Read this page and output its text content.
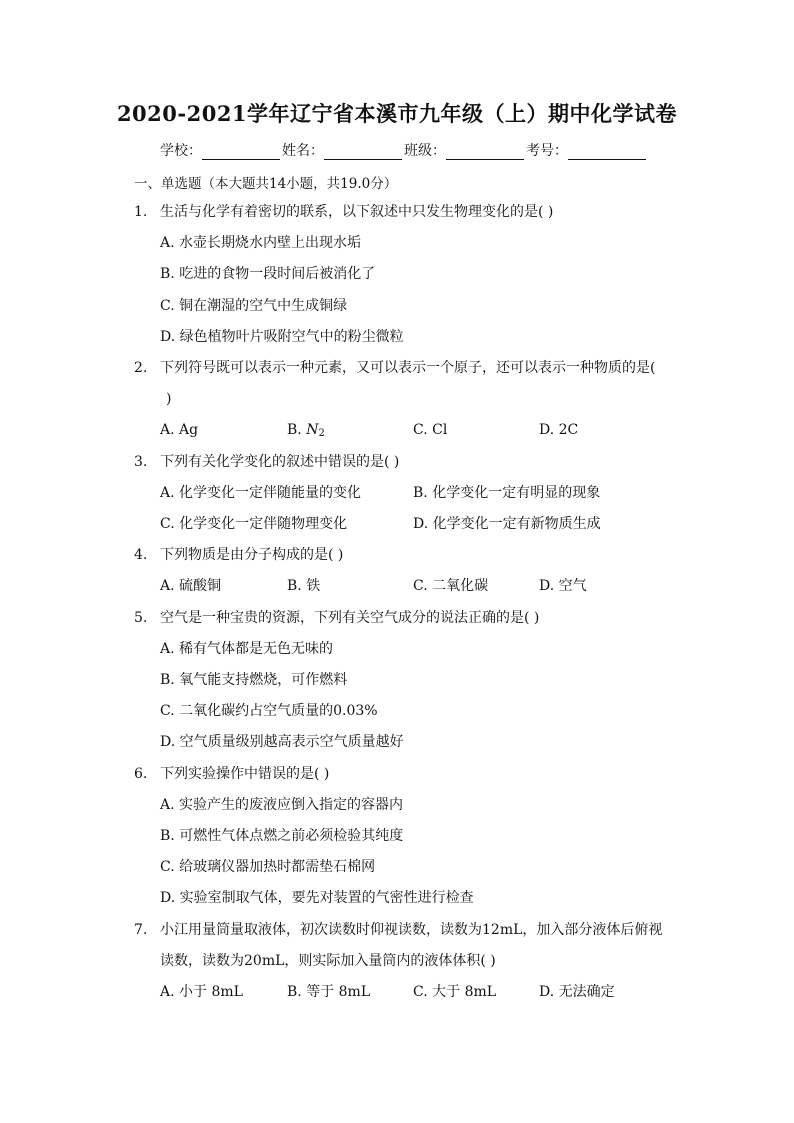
2020-2021学年辽宁省本溪市九年级（上）期中化学试卷
学校：	姓名：	班级：	考号：
一、单选题（本大题共14小题，共19.0分）
1. 生活与化学有着密切的联系，以下叙述中只发生物理变化的是( )
A. 水壶长期烧水内壁上出现水垢
B. 吃进的食物一段时间后被消化了
C. 铜在潮湿的空气中生成铜绿
D. 绿色植物叶片吸附空气中的粉尘微粒
2. 下列符号既可以表示一种元素，又可以表示一个原子，还可以表示一种物质的是(
)
A. Ag	B. $N_2$	C. Cl	D. 2C
3. 下列有关化学变化的叙述中错误的是( )
A. 化学变化一定伴随能量的变化	B. 化学变化一定有明显的现象
C. 化学变化一定伴随物理变化	D. 化学变化一定有新物质生成
4. 下列物质是由分子构成的是( )
A. 硫酸铜	B. 铁	C. 二氧化碳	D. 空气
5. 空气是一种宝贵的资源，下列有关空气成分的说法正确的是( )
A. 稀有气体都是无色无味的
B. 氧气能支持燃烧，可作燃料
C. 二氧化碳约占空气质量的0.03%
D. 空气质量级别越高表示空气质量越好
6. 下列实验操作中错误的是( )
A. 实验产生的废液应倒入指定的容器内
B. 可燃性气体点燃之前必须检验其纯度
C. 给玻璃仪器加热时都需垫石棉网
D. 实验室制取气体，要先对装置的气密性进行检查
7. 小江用量筒量取液体，初次读数时仰视读数，读数为12mL，加入部分液体后俯视
读数，读数为20mL，则实际加入量筒内的液体体积( )
A. 小于 8mL	B. 等于 8mL	C. 大于 8mL	D. 无法确定
